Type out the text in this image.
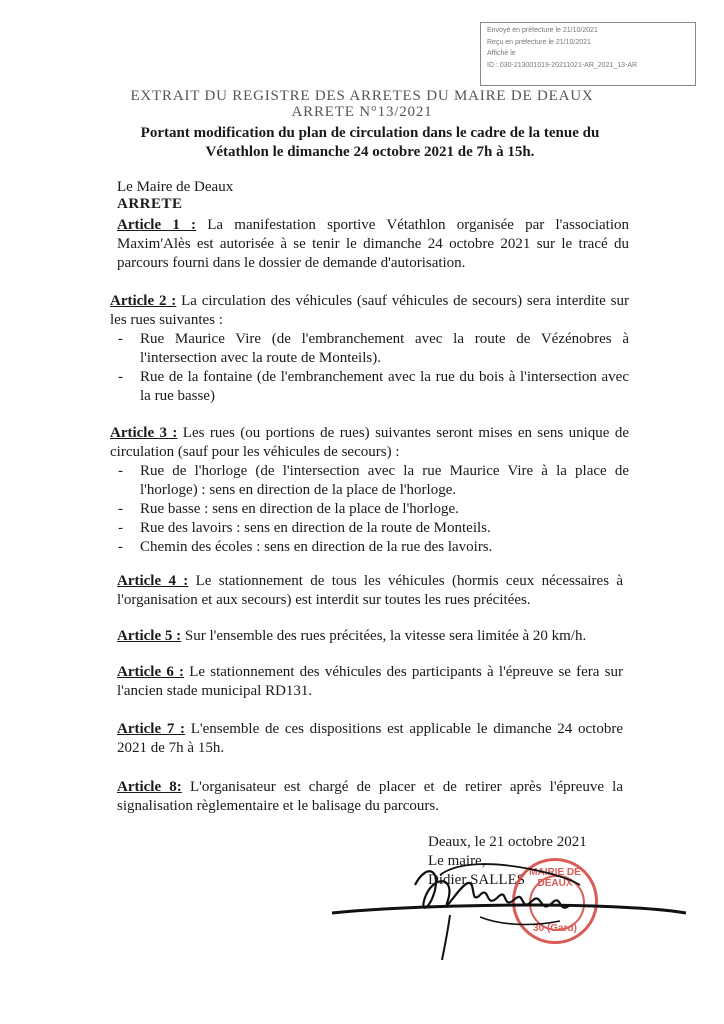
Envoyé en préfecture le 21/10/2021
Reçu en préfecture le 21/10/2021
Affiché le
ID : 030-213001019-20211021-AR_2021_13-AR
EXTRAIT DU REGISTRE DES ARRETES DU MAIRE DE DEAUX
ARRETE N°13/2021
Portant modification du plan de circulation dans le cadre de la tenue du
Vétathlon le dimanche 24 octobre 2021 de 7h à 15h.
Le Maire de Deaux
ARRETE
Article 1 : La manifestation sportive Vétathlon organisée par l'association Maxim'Alès est autorisée à se tenir le dimanche 24 octobre 2021 sur le tracé du parcours fourni dans le dossier de demande d'autorisation.
Article 2 : La circulation des véhicules (sauf véhicules de secours) sera interdite sur les rues suivantes :
- Rue Maurice Vire (de l'embranchement avec la route de Vézénobres à l'intersection avec la route de Monteils).
- Rue de la fontaine (de l'embranchement avec la rue du bois à l'intersection avec la rue basse)
Article 3 : Les rues (ou portions de rues) suivantes seront mises en sens unique de circulation (sauf pour les véhicules de secours) :
- Rue de l'horloge (de l'intersection avec la rue Maurice Vire à la place de l'horloge) : sens en direction de la place de l'horloge.
- Rue basse : sens en direction de la place de l'horloge.
- Rue des lavoirs : sens en direction de la route de Monteils.
- Chemin des écoles : sens en direction de la rue des lavoirs.
Article 4 : Le stationnement de tous les véhicules (hormis ceux nécessaires à l'organisation et aux secours) est interdit sur toutes les rues précitées.
Article 5 : Sur l'ensemble des rues précitées, la vitesse sera limitée à 20 km/h.
Article 6 : Le stationnement des véhicules des participants à l'épreuve se fera sur l'ancien stade municipal RD131.
Article 7 : L'ensemble de ces dispositions est applicable le dimanche 24 octobre 2021 de 7h à 15h.
Article 8: L'organisateur est chargé de placer et de retirer après l'épreuve la signalisation règlementaire et le balisage du parcours.
Deaux, le 21 octobre 2021
Le maire,
Didier SALLES MAIRIE DE DEAUX
30 (Gard)
